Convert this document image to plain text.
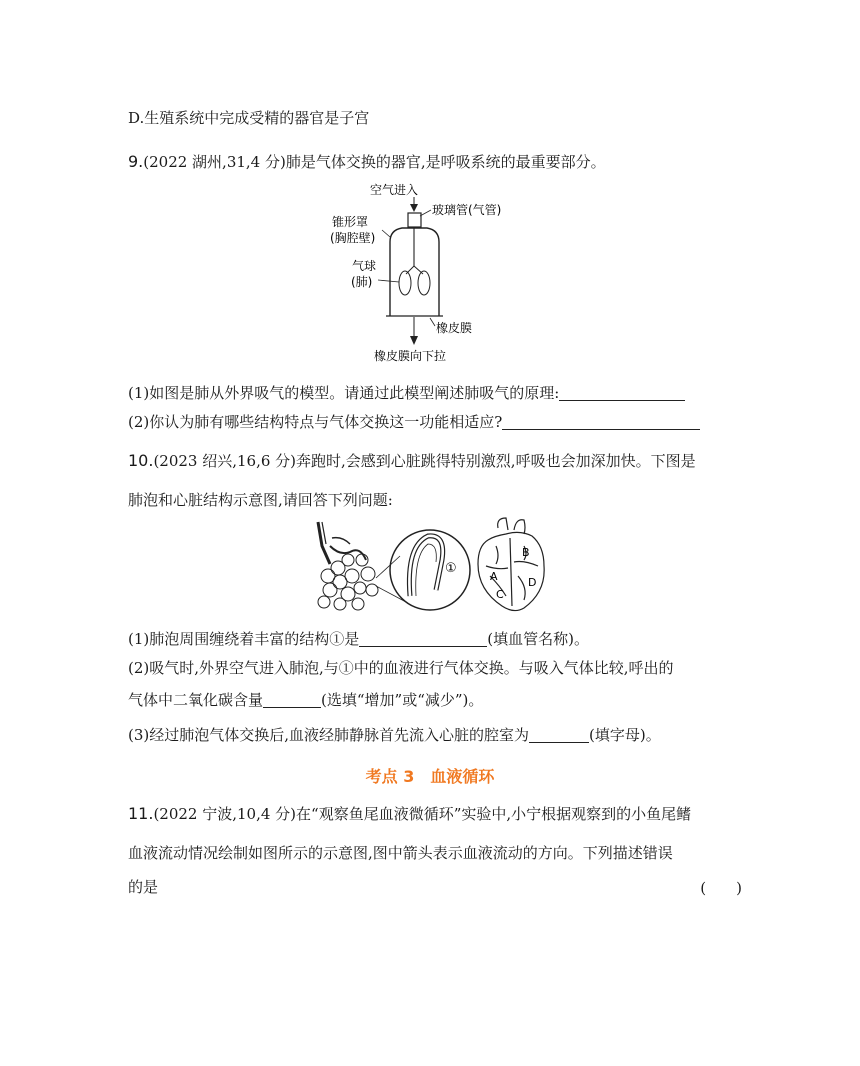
D.生殖系统中完成受精的器官是子宫
9.(2022 湖州,31,4 分)肺是气体交换的器官,是呼吸系统的最重要部分。
空气进入
玻璃管(气管)
锥形罩
(胸腔壁)
气球
(肺)
橡皮膜
橡皮膜向下拉
(1)如图是肺从外界吸气的模型。请通过此模型阐述肺吸气的原理:
(2)你认为肺有哪些结构特点与气体交换这一功能相适应?
10.(2023 绍兴,16,6 分)奔跑时,会感到心脏跳得特别激烈,呼吸也会加深加快。下图是
肺泡和心脏结构示意图,请回答下列问题:
①
A
B
C
D
(1)肺泡周围缠绕着丰富的结构①是	(填血管名称)。
(2)吸气时,外界空气进入肺泡,与①中的血液进行气体交换。与吸入气体比较,呼出的
气体中二氧化碳含量	(选填“增加”或“减少”)。
(3)经过肺泡气体交换后,血液经肺静脉首先流入心脏的腔室为	(填字母)。
考点 3　血液循环
11.(2022 宁波,10,4 分)在“观察鱼尾血液微循环”实验中,小宁根据观察到的小鱼尾鳍
血液流动情况绘制如图所示的示意图,图中箭头表示血液流动的方向。下列描述错误
的是	(　　)
